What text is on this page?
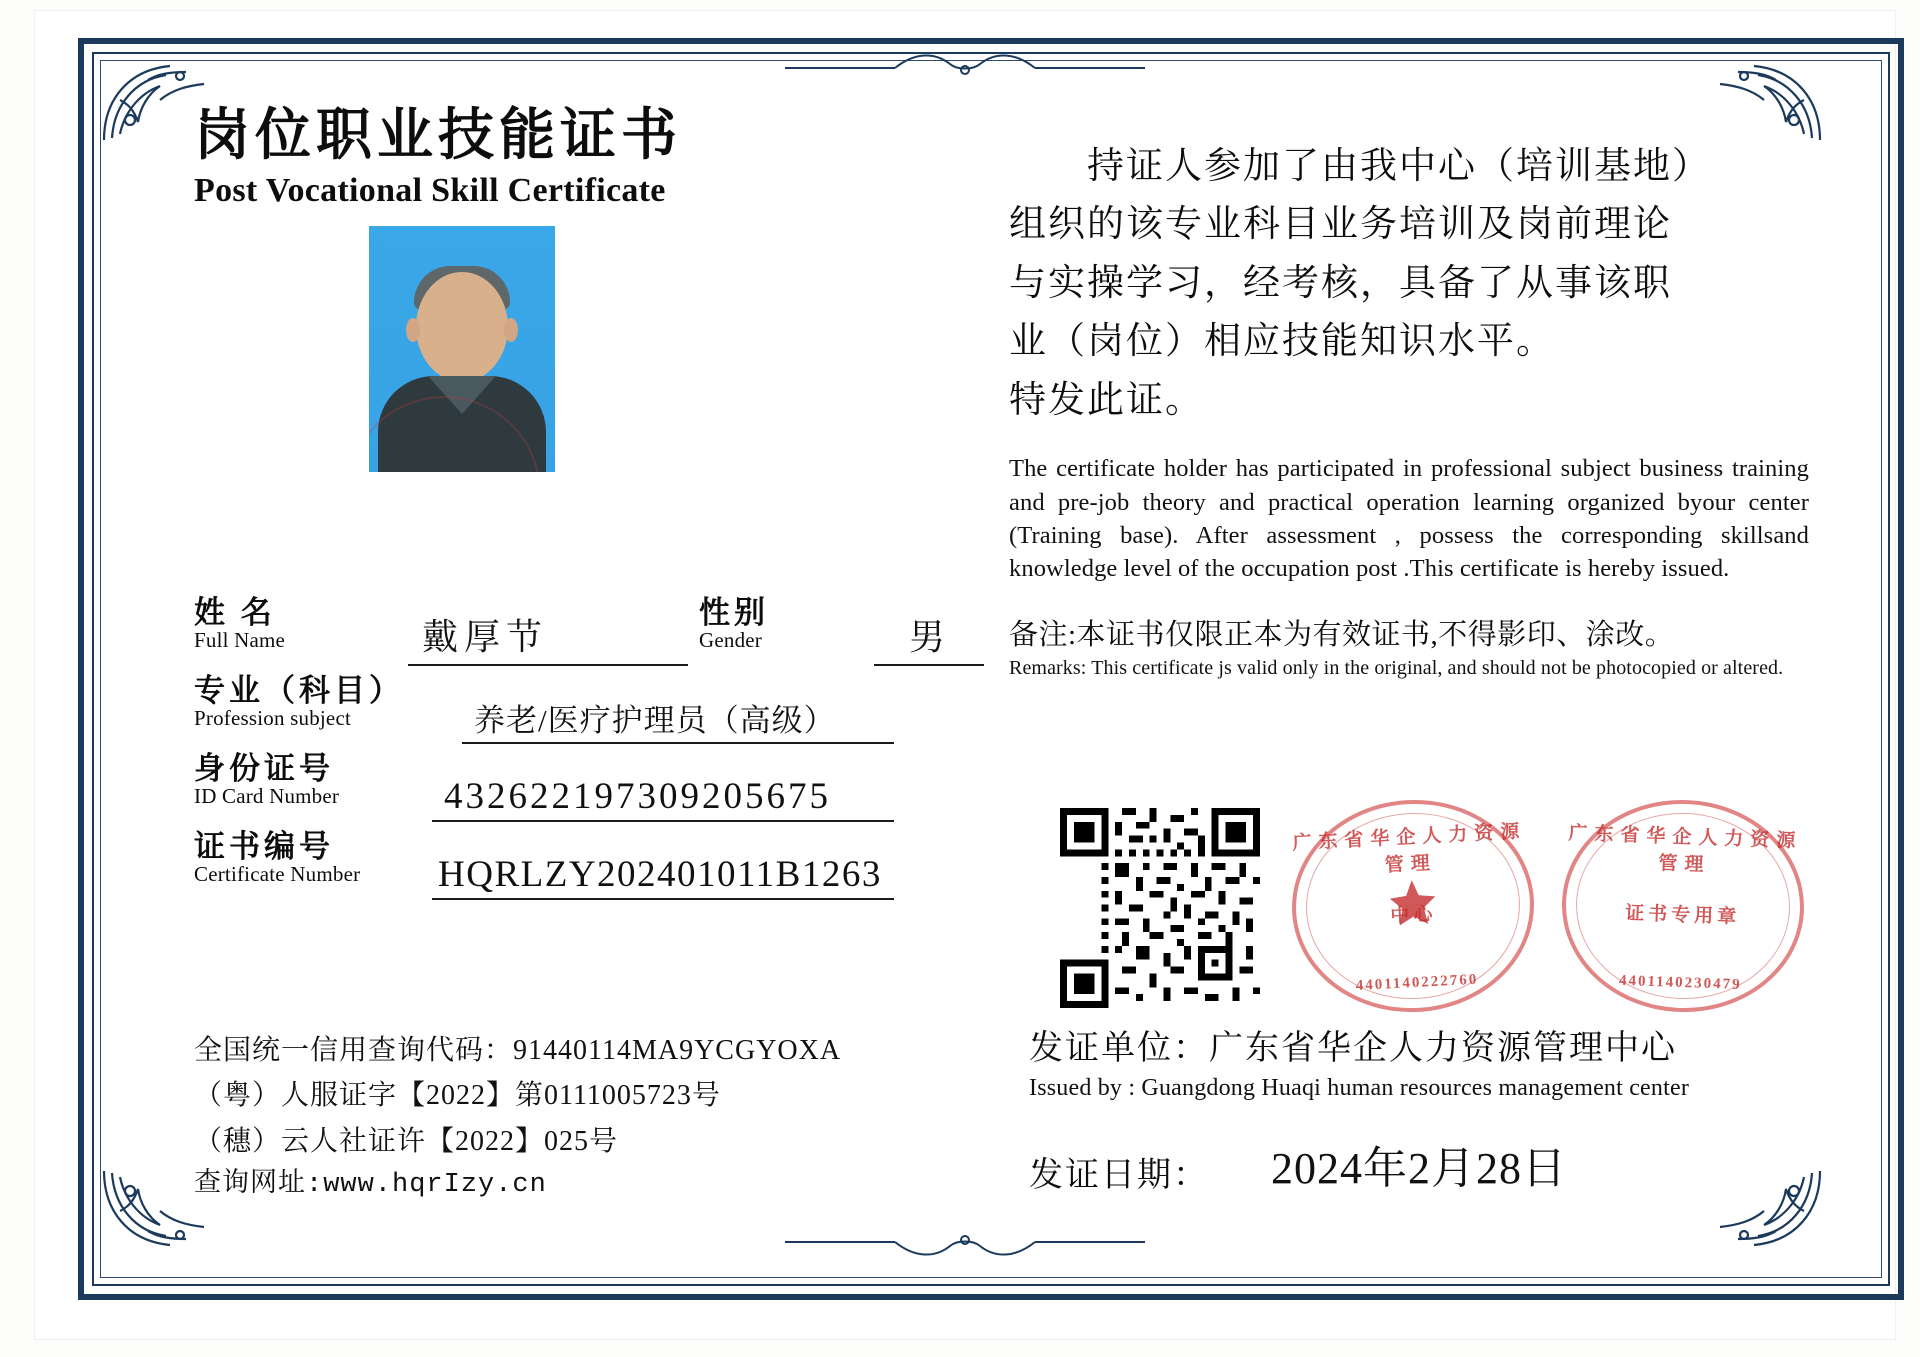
岗位职业技能证书
Post Vocational Skill Certificate
姓 名
Full Name	戴厚节
性别
Gender	男
专业（科目）
Profession subject	养老/医疗护理员（高级）
身份证号
ID Card Number	432622197309205675
证书编号
Certificate Number	HQRLZY202401011B1263
全国统一信用查询代码：91440114MA9YCGYOXA
（粤）人服证字【2022】第0111005723号
（穗）云人社证许【2022】025号
查询网址:www.hqrIzy.cn
持证人参加了由我中心（培训基地）
组织的该专业科目业务培训及岗前理论
与实操学习，经考核，具备了从事该职
业（岗位）相应技能知识水平。
特发此证。
The certificate holder has participated in professional subject business training and pre-job theory and practical operation learning organized byour center (Training base). After assessment , possess the corresponding skillsand knowledge level of the occupation post .This certificate is hereby issued.
备注:本证书仅限正本为有效证书,不得影印、涂改。
Remarks: This certificate js valid only in the original, and should not be photocopied or altered.
广东省华企人力资源管理
中心
4401140222760
广东省华企人力资源管理
证书专用章
4401140230479
发证单位：广东省华企人力资源管理中心
Issued by : Guangdong Huaqi human resources management center
发证日期： 2024年2月28日
